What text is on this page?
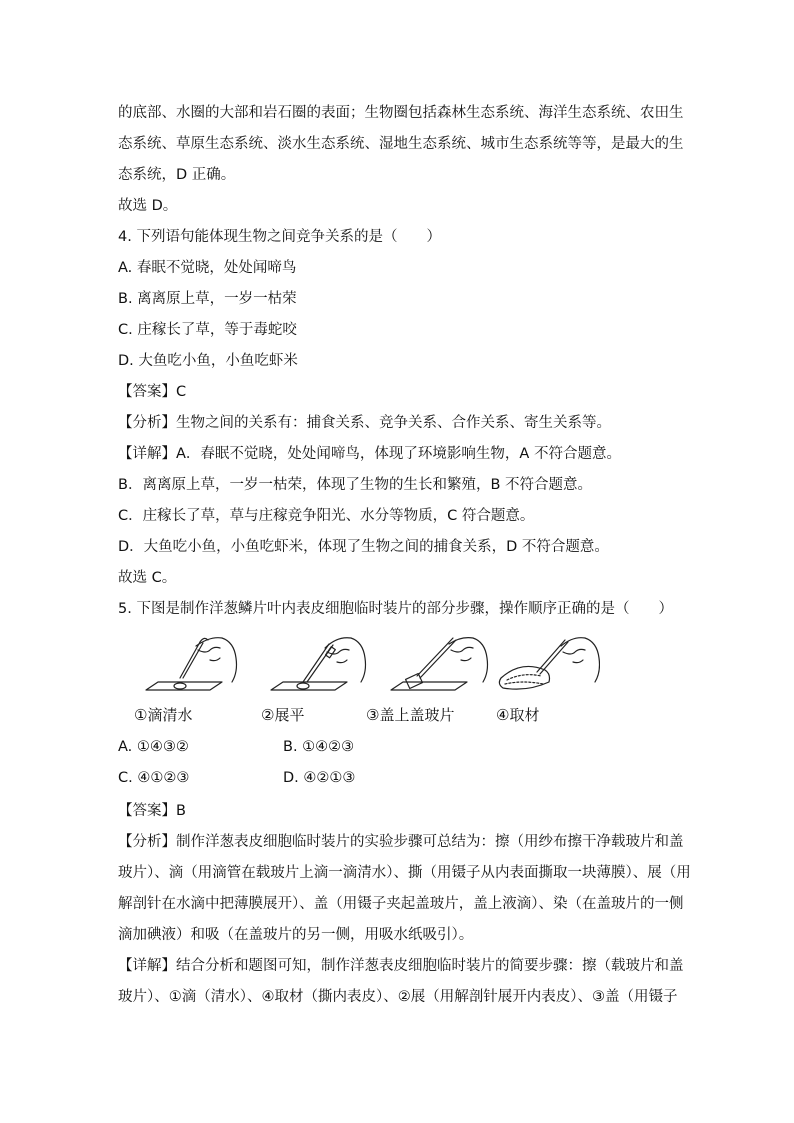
的底部、水圈的大部和岩石圈的表面；生物圈包括森林生态系统、海洋生态系统、农田生
态系统、草原生态系统、淡水生态系统、湿地生态系统、城市生态系统等等，是最大的生
态系统，D 正确。
故选 D。
4. 下列语句能体现生物之间竞争关系的是（　　）
A. 春眠不觉晓，处处闻啼鸟
B. 离离原上草，一岁一枯荣
C. 庄稼长了草，等于毒蛇咬
D. 大鱼吃小鱼，小鱼吃虾米
【答案】C
【分析】生物之间的关系有：捕食关系、竞争关系、合作关系、寄生关系等。
【详解】A．春眠不觉晓，处处闻啼鸟，体现了环境影响生物，A 不符合题意。
B．离离原上草，一岁一枯荣，体现了生物的生长和繁殖，B 不符合题意。
C．庄稼长了草，草与庄稼竞争阳光、水分等物质，C 符合题意。
D．大鱼吃小鱼，小鱼吃虾米，体现了生物之间的捕食关系，D 不符合题意。
故选 C。
5. 下图是制作洋葱鳞片叶内表皮细胞临时装片的部分步骤，操作顺序正确的是（　　）
①滴清水	②展平	③盖上盖玻片	④取材
A. ①④③②	B. ①④②③
C. ④①②③	D. ④②①③
【答案】B
【分析】制作洋葱表皮细胞临时装片的实验步骤可总结为：擦（用纱布擦干净载玻片和盖
玻片）、滴（用滴管在载玻片上滴一滴清水）、撕（用镊子从内表面撕取一块薄膜）、展（用
解剖针在水滴中把薄膜展开）、盖（用镊子夹起盖玻片，盖上液滴）、染（在盖玻片的一侧
滴加碘液）和吸（在盖玻片的另一侧，用吸水纸吸引）。
【详解】结合分析和题图可知，制作洋葱表皮细胞临时装片的简要步骤：擦（载玻片和盖
玻片）、①滴（清水）、④取材（撕内表皮）、②展（用解剖针展开内表皮）、③盖（用镊子
